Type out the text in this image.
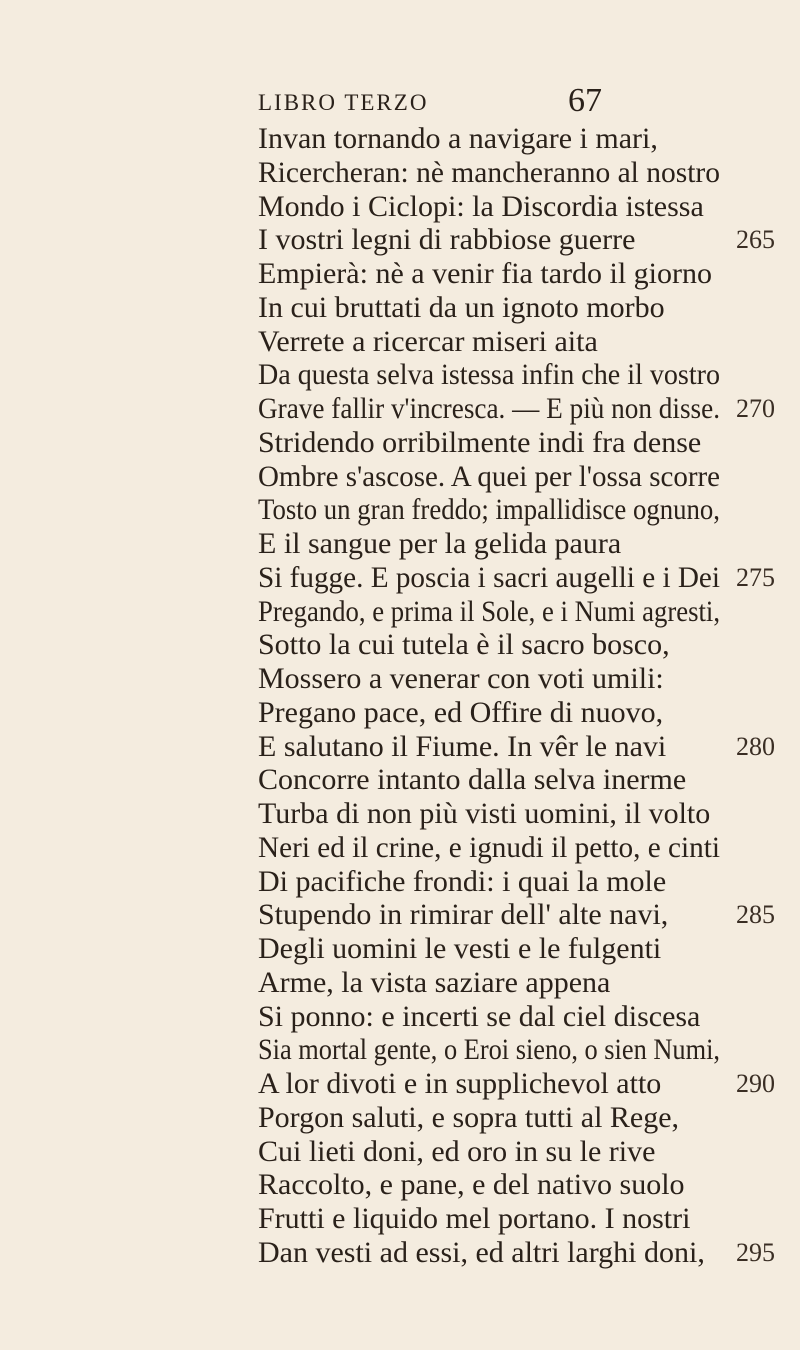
LIBRO TERZO	67
Invan tornando a navigare i mari,
Ricercheran: nè mancheranno al nostro
Mondo i Ciclopi: la Discordia istessa
I vostri legni di rabbiose guerre	265
Empierà: nè a venir fia tardo il giorno
In cui bruttati da un ignoto morbo
Verrete a ricercar miseri aita
Da questa selva istessa infin che il vostro
Grave fallir v'incresca. — E più non disse. 270
Stridendo orribilmente indi fra dense
Ombre s'ascose. A quei per l'ossa scorre
Tosto un gran freddo; impallidisce ognuno,
E il sangue per la gelida paura
Si fugge. E poscia i sacri augelli e i Dei 275
Pregando, e prima il Sole, e i Numi agresti,
Sotto la cui tutela è il sacro bosco,
Mossero a venerar con voti umili:
Pregano pace, ed Offire di nuovo,
E salutano il Fiume. In vêr le navi	280
Concorre intanto dalla selva inerme
Turba di non più visti uomini, il volto
Neri ed il crine, e ignudi il petto, e cinti
Di pacifiche frondi: i quai la mole
Stupendo in rimirar dell' alte navi,	285
Degli uomini le vesti e le fulgenti
Arme, la vista saziare appena
Si ponno: e incerti se dal ciel discesa
Sia mortal gente, o Eroi sieno, o sien Numi,
A lor divoti e in supplichevol atto	290
Porgon saluti, e sopra tutti al Rege,
Cui lieti doni, ed oro in su le rive
Raccolto, e pane, e del nativo suolo
Frutti e liquido mel portano. I nostri
Dan vesti ad essi, ed altri larghi doni, 295
